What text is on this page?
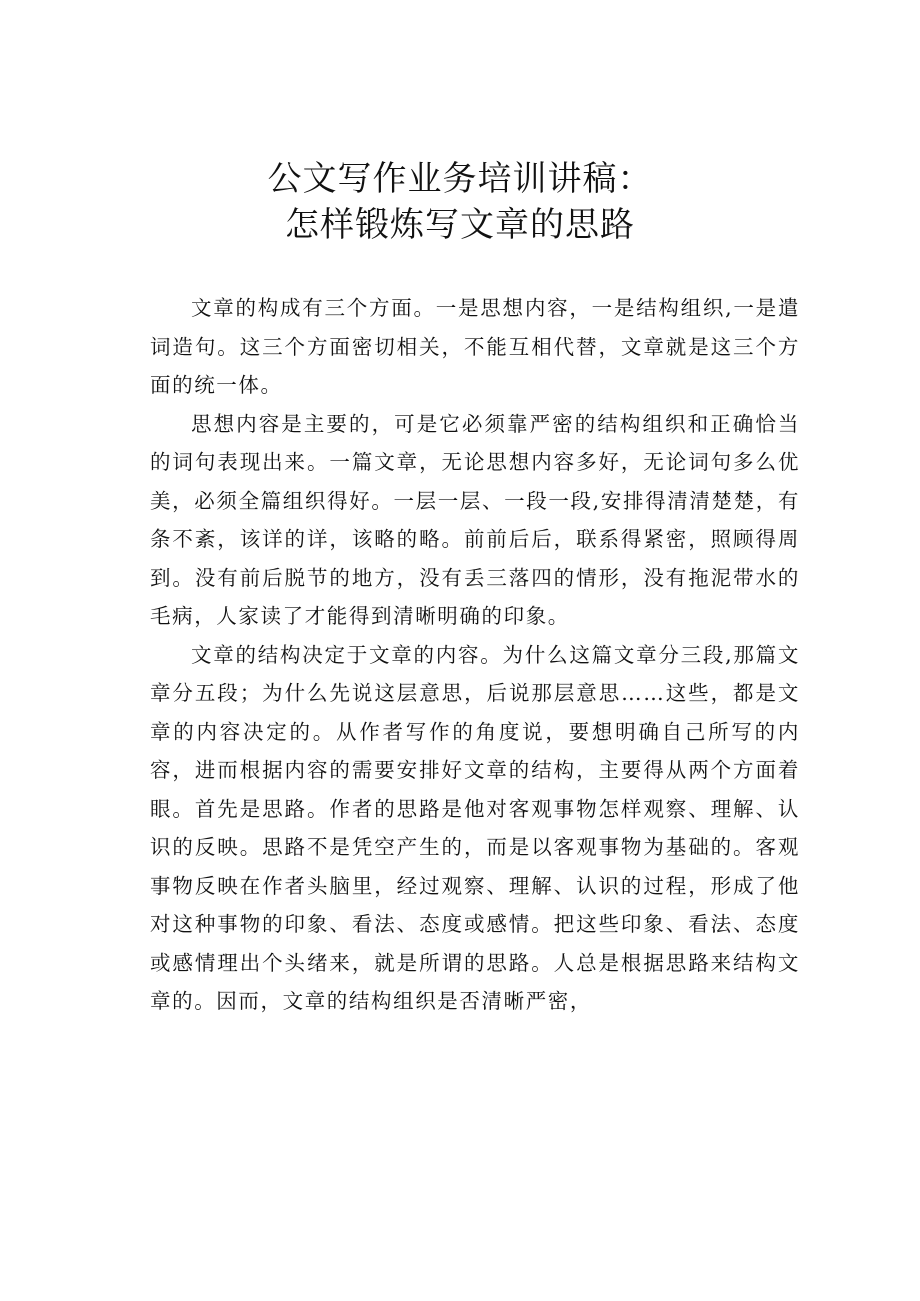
公文写作业务培训讲稿：
怎样锻炼写文章的思路

文章的构成有三个方面。一是思想内容，一是结构组织,一是遣词造句。这三个方面密切相关，不能互相代替，文章就是这三个方面的统一体。

思想内容是主要的，可是它必须靠严密的结构组织和正确恰当的词句表现出来。一篇文章，无论思想内容多好，无论词句多么优美，必须全篇组织得好。一层一层、一段一段,安排得清清楚楚，有条不紊，该详的详，该略的略。前前后后，联系得紧密，照顾得周到。没有前后脱节的地方，没有丢三落四的情形，没有拖泥带水的毛病，人家读了才能得到清晰明确的印象。

文章的结构决定于文章的内容。为什么这篇文章分三段,那篇文章分五段；为什么先说这层意思，后说那层意思……这些，都是文章的内容决定的。从作者写作的角度说，要想明确自己所写的内容，进而根据内容的需要安排好文章的结构，主要得从两个方面着眼。首先是思路。作者的思路是他对客观事物怎样观察、理解、认识的反映。思路不是凭空产生的，而是以客观事物为基础的。客观事物反映在作者头脑里，经过观察、理解、认识的过程，形成了他对这种事物的印象、看法、态度或感情。把这些印象、看法、态度或感情理出个头绪来，就是所谓的思路。人总是根据思路来结构文章的。因而，文章的结构组织是否清晰严密，
